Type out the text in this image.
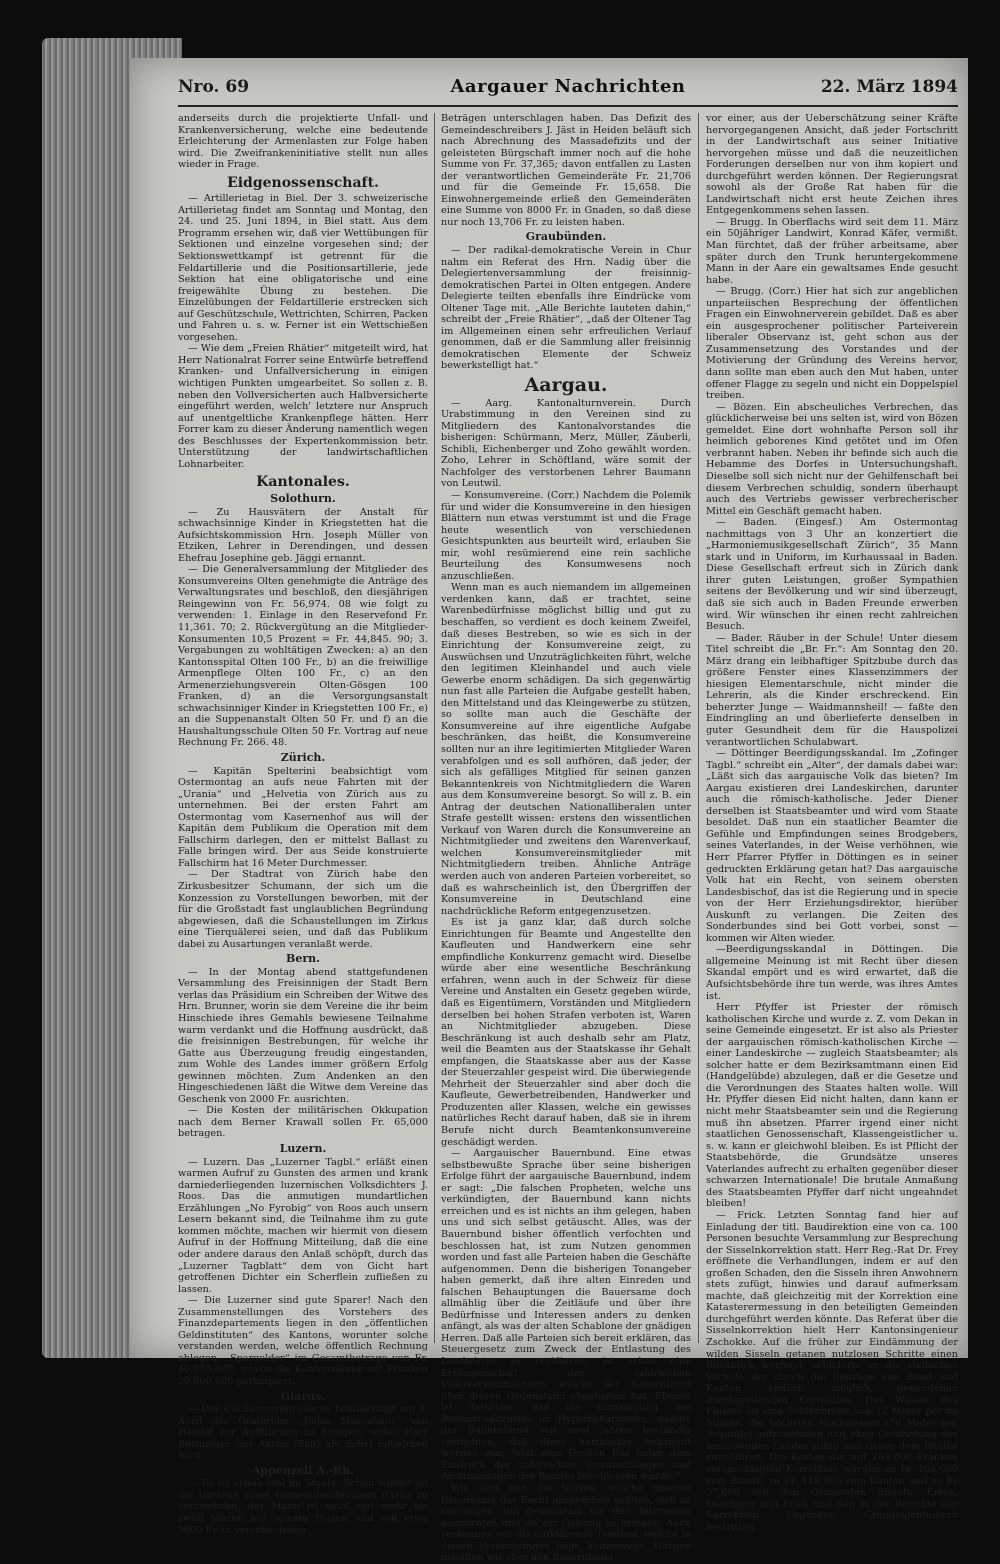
Nro. 69	Aargauer Nachrichten	22. März 1894

anderseits durch die projektierte Unfall- und Krankenversicherung, welche eine bedeutende Erleichterung der Armenlasten zur Folge haben wird. Die Zweifrankeninitiative stellt nun alles wieder in Frage.

Eidgenossenschaft.

— Artillerietag in Biel. Der 3. schweizerische Artillerietag findet am Sonntag und Montag, den 24. und 25. Juni 1894, in Biel statt. Aus dem Programm ersehen wir, daß vier Wettübungen für Sektionen und einzelne vorgesehen sind; der Sektionswettkampf ist getrennt für die Feldartillerie und die Positionsartillerie, jede Sektion hat eine obligatorische und eine freigewählte Übung zu bestehen. Die Einzelübungen der Feldartillerie erstrecken sich auf Geschützschule, Wettrichten, Schirren, Packen und Fahren u. s. w. Ferner ist ein Wettschießen vorgesehen.

— Wie dem „Freien Rhätier“ mitgeteilt wird, hat Herr Nationalrat Forrer seine Entwürfe betreffend Kranken- und Unfallversicherung in einigen wichtigen Punkten umgearbeitet. So sollen z. B. neben den Vollversicherten auch Halbversicherte eingeführt werden, welch' letztere nur Anspruch auf unentgeltliche Krankenpflege hätten. Herr Forrer kam zu dieser Änderung namentlich wegen des Beschlusses der Expertenkommission betr. Unterstützung der landwirtschaftlichen Lohnarbeiter.

Kantonales.
Solothurn.

— Zu Hausvätern der Anstalt für schwachsinnige Kinder in Kriegstetten hat die Aufsichtskommission Hrn. Joseph Müller von Etziken, Lehrer in Derendingen, und dessen Ehefrau Josephine geb. Jäggi ernannt.

— Die Generalversammlung der Mitglieder des Konsumvereins Olten genehmigte die Anträge des Verwaltungsrates und beschloß, den diesjährigen Reingewinn von Fr. 56,974. 08 wie folgt zu verwenden: 1. Einlage in den Reservefond Fr. 11,361. 70; 2. Rückvergütung an die Mitglieder-Konsumenten 10,5 Prozent = Fr. 44,845. 90; 3. Vergabungen zu wohltätigen Zwecken: a) an den Kantonsspital Olten 100 Fr., b) an die freiwillige Armenpflege Olten 100 Fr., c) an den Armenerziehungsverein Olten-Gösgen 100 Franken, d) an die Versorgungsanstalt schwachsinniger Kinder in Kriegstetten 100 Fr., e) an die Suppenanstalt Olten 50 Fr. und f) an die Haushaltungsschule Olten 50 Fr. Vortrag auf neue Rechnung Fr. 266. 48.

Zürich.

— Kapitän Spelterini beabsichtigt vom Ostermontag an aufs neue Fahrten mit der „Urania“ und „Helvetia von Zürich aus zu unternehmen. Bei der ersten Fahrt am Ostermontag vom Kasernenhof aus will der Kapitän dem Publikum die Operation mit dem Fallschirm darlegen, den er mittelst Ballast zu Falle bringen wird. Der aus Seide konstruierte Fallschirm hat 16 Meter Durchmesser.

— Der Stadtrat von Zürich habe den Zirkusbesitzer Schumann, der sich um die Konzession zu Vorstellungen beworben, mit der für die Großstadt fast unglaublichen Begründung abgewiesen, daß die Schaustellungen im Zirkus eine Tierquälerei seien, und daß das Publikum dabei zu Ausartungen veranlaßt werde.

Bern.

— In der Montag abend stattgefundenen Versammlung des Freisinnigen der Stadt Bern verlas das Präsidium ein Schreiben der Witwe des Hrn. Brunner, worin sie dem Vereine die ihr beim Hinschiede ihres Gemahls bewiesene Teilnahme warm verdankt und die Hoffnung ausdrückt, daß die freisinnigen Bestrebungen, für welche ihr Gatte aus Überzeugung freudig eingestanden, zum Wohle des Landes immer größern Erfolg gewinnen möchten. Zum Andenken an den Hingeschiedenen läßt die Witwe dem Vereine das Geschenk von 2000 Fr. ausrichten.

— Die Kosten der militärischen Okkupation nach dem Berner Krawall sollen Fr. 65,000 betragen.

Luzern.

— Luzern. Das „Luzerner Tagbl.“ erläßt einen warmen Aufruf zu Gunsten des armen und krank darniederliegenden luzernischen Volksdichters J. Roos. Das die anmutigen mundartlichen Erzählungen „No Fyrobig“ von Roos auch unsern Lesern bekannt sind, die Teilnahme ihm zu gute kommen möchte, machen wir hiermit von diesem Aufruf in der Hoffnung Mitteilung, daß die eine oder andere daraus den Anlaß schöpft, durch das „Luzerner Tagblatt“ dem von Gicht hart getroffenen Dichter ein Scherflein zufließen zu lassen.

— Die Luzerner sind gute Sparer! Nach den Zusammenstellungen des Vorstehers des Finanzdepartements liegen in den „öffentlichen Geldinstituten“ des Kantons, worunter solche verstanden werden, welche öffentlich Rechnung ablegen, „Spargelder“ im Gesamtbetrage von Fr. 40,855,000, wovon die Kantonalbank mit Franken 29,000,000 partizipiert.

Glarus.

— Der Cäcilienverein Glarus beabsichtigt am 8. April das Oratorium „Judas Maccabäus“ von Händel zur Aufführung zu bringen, wobei Herr Burgmeier aus Aarau (Baß) als Solist mitwirken wird.

Appenzell A.-Rh.

— Es ist etwas faul im Staate. Schon wieder ist die Untreue eines Gemeindeschreibers (Gais) zu verzeichnen; der Mann ist wohl seit mehr als zwölf Jahren auf seinem Posten und soll etwa 5000 Fr. in verschiedenen

Beträgen unterschlagen haben. Das Defizit des Gemeindeschreibers J. Jäst in Heiden beläuft sich nach Abrechnung des Massadefizits und der geleisteten Bürgschaft immer noch auf die hohe Summe von Fr. 37,365; davon entfallen zu Lasten der verantwortlichen Gemeinderäte Fr. 21,706 und für die Gemeinde Fr. 15,658. Die Einwohnergemeinde erließ den Gemeinderäten eine Summe von 8000 Fr. in Gnaden, so daß diese nur noch 13,706 Fr. zu leisten haben.

Graubünden.

— Der radikal-demokratische Verein in Chur nahm ein Referat des Hrn. Nadig über die Delegiertenversammlung der freisinnig-demokratischen Partei in Olten entgegen. Andere Delegierte teilten ebenfalls ihre Eindrücke vom Oltener Tage mit. „Alle Berichte lauteten dahin,“ schreibt der „Freie Rhätier“, „daß der Oltener Tag im Allgemeinen einen sehr erfreulichen Verlauf genommen, daß er die Sammlung aller freisinnig demokratischen Elemente der Schweiz bewerkstelligt hat.“

Aargau.

— Aarg. Kantonalturnverein. Durch Urabstimmung in den Vereinen sind zu Mitgliedern des Kantonalvorstandes die bisherigen: Schürmann, Merz, Müller, Zäuberli, Schibli, Eichenberger und Zoho gewählt worden. Zoho, Lehrer in Schöftland, wäre somit der Nachfolger des verstorbenen Lehrer Baumann von Leutwil.

— Konsumvereine. (Corr.) Nachdem die Polemik für und wider die Konsumvereine in den hiesigen Blättern nun etwas verstummt ist und die Frage heute wesentlich von verschiedenen Gesichtspunkten aus beurteilt wird, erlauben Sie mir, wohl resümierend eine rein sachliche Beurteilung des Konsumwesens noch anzuschließen.

Wenn man es auch niemandem im allgemeinen verdenken kann, daß er trachtet, seine Warenbedürfnisse möglichst billig und gut zu beschaffen, so verdient es doch keinem Zweifel, daß dieses Bestreben, so wie es sich in der Einrichtung der Konsumvereine zeigt, zu Auswüchsen und Unzuträglichkeiten führt, welche den legitimen Kleinhandel und auch viele Gewerbe enorm schädigen. Da sich gegenwärtig nun fast alle Parteien die Aufgabe gestellt haben, den Mittelstand und das Kleingewerbe zu stützen, so sollte man auch die Geschäfte der Konsumvereine auf ihre eigentliche Aufgabe beschränken, das heißt, die Konsumvereine sollten nur an ihre legitimierten Mitglieder Waren verabfolgen und es soll aufhören, daß jeder, der sich als gefälliges Mitglied für seinen ganzen Bekanntenkreis von Nichtmitgliedern die Waren aus dem Konsumvereine besorgt. So will z. B. ein Antrag der deutschen Nationalliberalen unter Strafe gestellt wissen: erstens den wissentlichen Verkauf von Waren durch die Konsumvereine an Nichtmitglieder und zweitens den Warenverkauf, welchen Konsumvereinsmitglieder mit Nichtmitgliedern treiben. Ähnliche Anträge werden auch von anderen Parteien vorbereitet, so daß es wahrscheinlich ist, den Übergriffen der Konsumvereine in Deutschland eine nachdrückliche Reform entgegenzusetzen.

Es ist ja ganz klar, daß durch solche Einrichtungen für Beamte und Angestellte den Kaufleuten und Handwerkern eine sehr empfindliche Konkurrenz gemacht wird. Dieselbe würde aber eine wesentliche Beschränkung erfahren, wenn auch in der Schweiz für diese Vereine und Anstalten ein Gesetz gegeben würde, daß es Eigentümern, Vorständen und Mitgliedern derselben bei hohen Strafen verboten ist, Waren an Nichtmitglieder abzugeben. Diese Beschränkung ist auch deshalb sehr am Platz, weil die Beamten aus der Staatskasse ihr Gehalt empfangen, die Staatskasse aber aus der Kasse der Steuerzahler gespeist wird. Die überwiegende Mehrheit der Steuerzahler sind aber doch die Kaufleute, Gewerbetreibenden, Handwerker und Produzenten aller Klassen, welche ein gewisses natürliches Recht darauf haben, daß sie in ihrem Berufe nicht durch Beamtenkonsumvereine geschädigt werden.

— Aargauischer Bauernbund. Eine etwas selbstbewußte Sprache über seine bisherigen Erfolge führt der aargauische Bauernbund, indem er sagt: „Die falschen Propheten, welche uns verkündigten, der Bauernbund kann nichts erreichen und es ist nichts an ihm gelegen, haben uns und sich selbst getäuscht. Alles, was der Bauernbund bisher öffentlich verfochten und beschlossen hat, ist zum Nutzen genommen worden und fast alle Parteien haben die Geschäfte aufgenommen. Denn die bisherigen Tonangeber haben gemerkt, daß ihre alten Einreden und falschen Behauptungen die Bauersame doch allmählig über die Zeitläufe und über ihre Bedürfnisse und Interessen anders zu denken anfängt, als was der alten Schablone der gnädigen Herren. Daß alle Parteien sich bereit erklären, das Steuergesetz zum Zweck der Entlastung des Landwirtes zu revidieren, ist schon eine Errungenschaft der zahlreichen Volksversammlungen, welche der Bauernbund über diesen Gegenstand abgehalten hat. Ebenso ist Tatsache, daß die Ermäßigung des Bodenkreditzinses im Hypothekarwesen, welche der Bauernbund seit zwei Jahren beständig verfochten, daß diese hartnäckig bekämpft worden war, jetzt vom Großen Rat unter dem Eindruck der zahlreichen Versammlungen und Abstimmungen des Bundes beschlossen wurde.“

Wir sind nun die letzten, welche unserer Bauersame das Recht absprechen wollten, sich zu vereinigen, um gemeinsam für ihre Interessen einzutreten und sie zur Geltung zu bringen. Auch verkennen wir die aufklärende Tendenz, welche in diesen Vereinigungen liegt, keineswegs. Warnen möchten wir aber den Bauernbund

vor einer, aus der Ueberschätzung seiner Kräfte hervorgegangenen Ansicht, daß jeder Fortschritt in der Landwirtschaft aus seiner Initiative hervorgehen müsse und daß die neuzeitlichen Forderungen derselben nur von ihm kopiert und durchgeführt werden können. Der Regierungsrat sowohl als der Große Rat haben für die Landwirtschaft nicht erst heute Zeichen ihres Entgegenkommens sehen lassen.

— Brugg. In Oberflachs wird seit dem 11. März ein 50jähriger Landwirt, Konrad Käfer, vermißt. Man fürchtet, daß der früher arbeitsame, aber später durch den Trunk heruntergekommene Mann in der Aare ein gewaltsames Ende gesucht habe.

— Brugg. (Corr.) Hier hat sich zur angeblichen unparteiischen Besprechung der öffentlichen Fragen ein Einwohnerverein gebildet. Daß es aber ein ausgesprochener politischer Parteiverein liberaler Observanz ist, geht schon aus der Zusammensetzung des Vorstandes und der Motivierung der Gründung des Vereins hervor, dann sollte man eben auch den Mut haben, unter offener Flagge zu segeln und nicht ein Doppelspiel treiben.

— Bözen. Ein abscheuliches Verbrechen, das glücklicherweise bei uns selten ist, wird von Bözen gemeldet. Eine dort wohnhafte Person soll ihr heimlich geborenes Kind getötet und im Ofen verbrannt haben. Neben ihr befinde sich auch die Hebamme des Dorfes in Untersuchungshaft. Dieselbe soll sich nicht nur der Gehilfenschaft bei diesem Verbrechen schuldig, sondern überhaupt auch des Vertriebs gewisser verbrecherischer Mittel ein Geschäft gemacht haben.

— Baden. (Eingesf.) Am Ostermontag nachmittags von 3 Uhr an konzertiert die „Harmoniemusikgesellschaft Zürich“, 35 Mann stark und in Uniform, im Kurhaussaal in Baden. Diese Gesellschaft erfreut sich in Zürich dank ihrer guten Leistungen, großer Sympathien seitens der Bevölkerung und wir sind überzeugt, daß sie sich auch in Baden Freunde erwerben wird. Wir wünschen ihr einen recht zahlreichen Besuch.

— Bader. Räuber in der Schule! Unter diesem Titel schreibt die „Br. Fr.“: Am Sonntag den 20. März drang ein leibhaftiger Spitzbube durch das größere Fenster eines Klassenzimmers der hiesigen Elementarschule, nicht minder die Lehrerin, als die Kinder erschreckend. Ein beherzter Junge — Waidmannsheil! — faßte den Eindringling an und überlieferte denselben in guter Gesundheit dem für die Hauspolizei verantwortlichen Schulabwart.

— Döttinger Beerdigungsskandal. Im „Zofinger Tagbl.“ schreibt ein „Alter“, der damals dabei war: „Läßt sich das aargauische Volk das bieten? Im Aargau existieren drei Landeskirchen, darunter auch die römisch-katholische. Jeder Diener derselben ist Staatsbeamter und wird vom Staate besoldet. Daß nun ein staatlicher Beamter die Gefühle und Empfindungen seines Brodgebers, seines Vaterlandes, in der Weise verhöhnen, wie Herr Pfarrer Pfyffer in Döttingen es in seiner gedruckten Erklärung getan hat? Das aargauische Volk hat ein Recht, von seinem obersten Landesbischof, das ist die Regierung und in specie von der Herr Erziehungsdirektor, hierüber Auskunft zu verlangen. Die Zeiten des Sonderbundes sind bei Gott vorbei, sonst — kommen wir Alten wieder.

—Beerdigungsskandal in Döttingen. Die allgemeine Meinung ist mit Recht über diesen Skandal empört und es wird erwartet, daß die Aufsichtsbehörde ihre tun werde, was ihres Amtes ist.

Herr Pfyffer ist Priester der römisch katholischen Kirche und wurde z. Z. vom Dekan in seine Gemeinde eingesetzt. Er ist also als Priester der aargauischen römisch-katholischen Kirche — einer Landeskirche — zugleich Staatsbeamter; als solcher hatte er dem Bezirksamtmann einen Eid (Handgelübde) abzulegen, daß er die Gesetze und die Verordnungen des Staates halten wolle. Will Hr. Pfyffer diesen Eid nicht halten, dann kann er nicht mehr Staatsbeamter sein und die Regierung muß ihn absetzen. Pfarrer irgend einer nicht staatlichen Genossenschaft, Klassengeistlicher u. s. w. kann er gleichwohl bleiben. Es ist Pflicht der Staatsbehörde, die Grundsätze unseres Vaterlandes aufrecht zu erhalten gegenüber dieser schwarzen Internationale! Die brutale Anmaßung des Staatsbeamten Pfyffer darf nicht ungeahndet bleiben!

— Frick. Letzten Sonntag fand hier auf Einladung der titl. Baudirektion eine von ca. 100 Personen besuchte Versammlung zur Besprechung der Sisselnkorrektion statt. Herr Reg.-Rat Dr. Frey eröffnete die Verhandlungen, indem er auf den großen Schaden, den die Sisseln ihren Anwohnern stets zufügt, hinwies und darauf aufmerksam machte, daß gleichzeitig mit der Korrektion eine Katasterermessung in den beteiligten Gemeinden durchgeführt werden könnte. Das Referat über die Sisselnkorrektion hielt Herr Kantonsingenieur Zschokke. Auf die früher zur Eindämmung der wilden Sisseln getanen nutzlosen Schritte einen Rückblick werfend, schilderte er die vielfachen Vorteile der durch die Beiträge von Bund und Kanton endlich möglich gewordenen durchgreifenden Korrektion. Das Wasser des Flusses ist eine Sohlenbreite von 12 Meter per im Stande, die höchsten Hochwasser (70 Meter per Sekunde) aufzunehmen und ohne Gefährdung des anstoßenden Landes ruhig und sicher dem Rheine zuzuführen. Die Kosten der auf 264,000 Franken veranschlagten Korrektion würden zu Fr. 105,600 vom Bunde, zu Fr. 118,800 vom Kanton und zu Fr 37,600 von den Gemeinden Sisseln, Eiken, Oeschgen und Frick und den in der Berichte der Korrektion liegenden Grundeigentümern bestritten
